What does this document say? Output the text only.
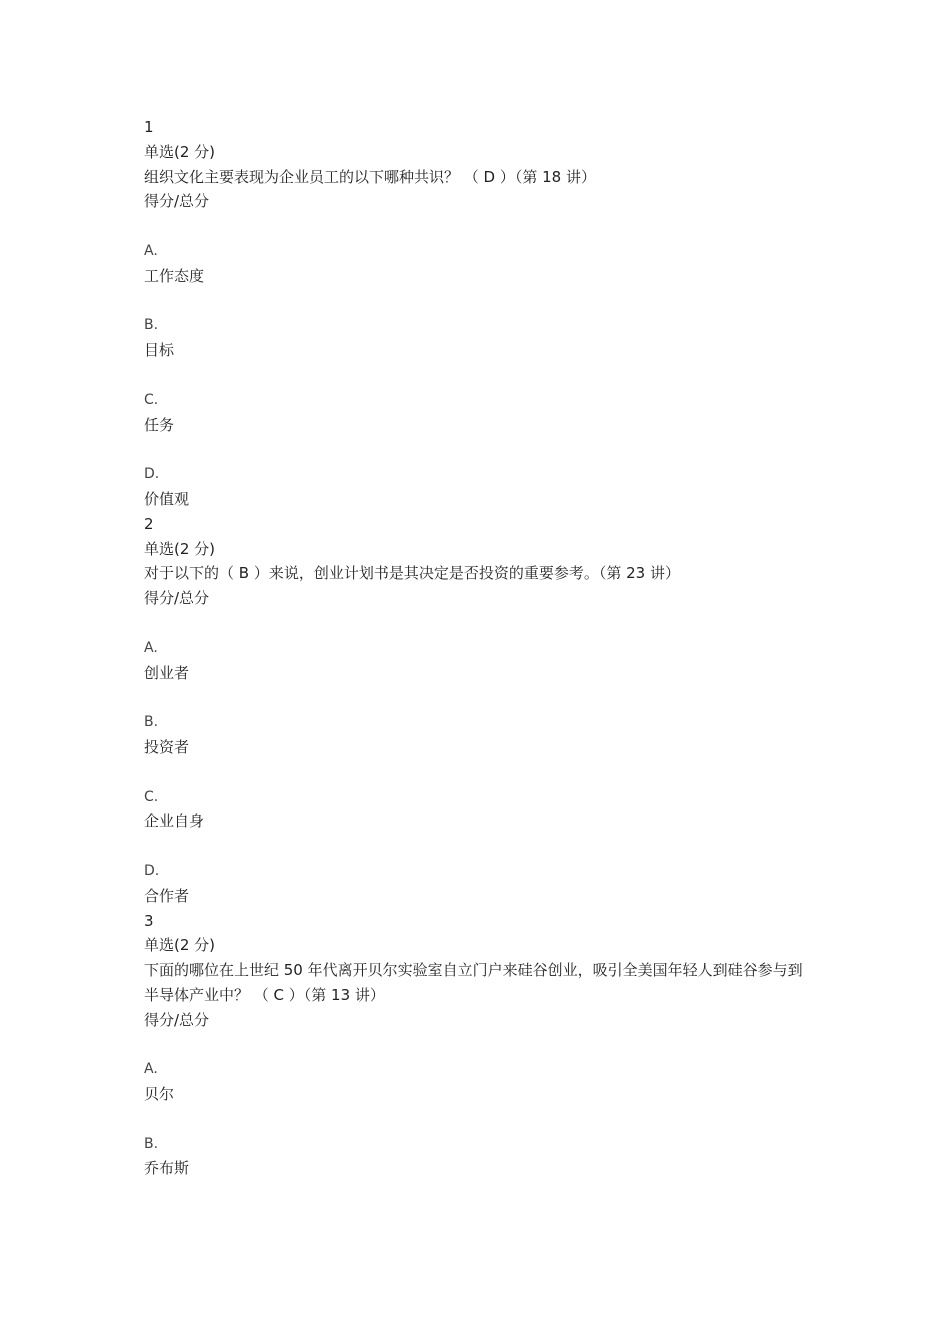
1
单选(2 分)
组织文化主要表现为企业员工的以下哪种共识？ （ D ）（第 18 讲）
得分/总分
A.
工作态度
B.
目标
C.
任务
D.
价值观
2
单选(2 分)
对于以下的（ B ）来说，创业计划书是其决定是否投资的重要参考。（第 23 讲）
得分/总分
A.
创业者
B.
投资者
C.
企业自身
D.
合作者
3
单选(2 分)
下面的哪位在上世纪 50 年代离开贝尔实验室自立门户来硅谷创业，吸引全美国年轻人到硅谷参与到半导体产业中？ （ C ）（第 13 讲）
得分/总分
A.
贝尔
B.
乔布斯
